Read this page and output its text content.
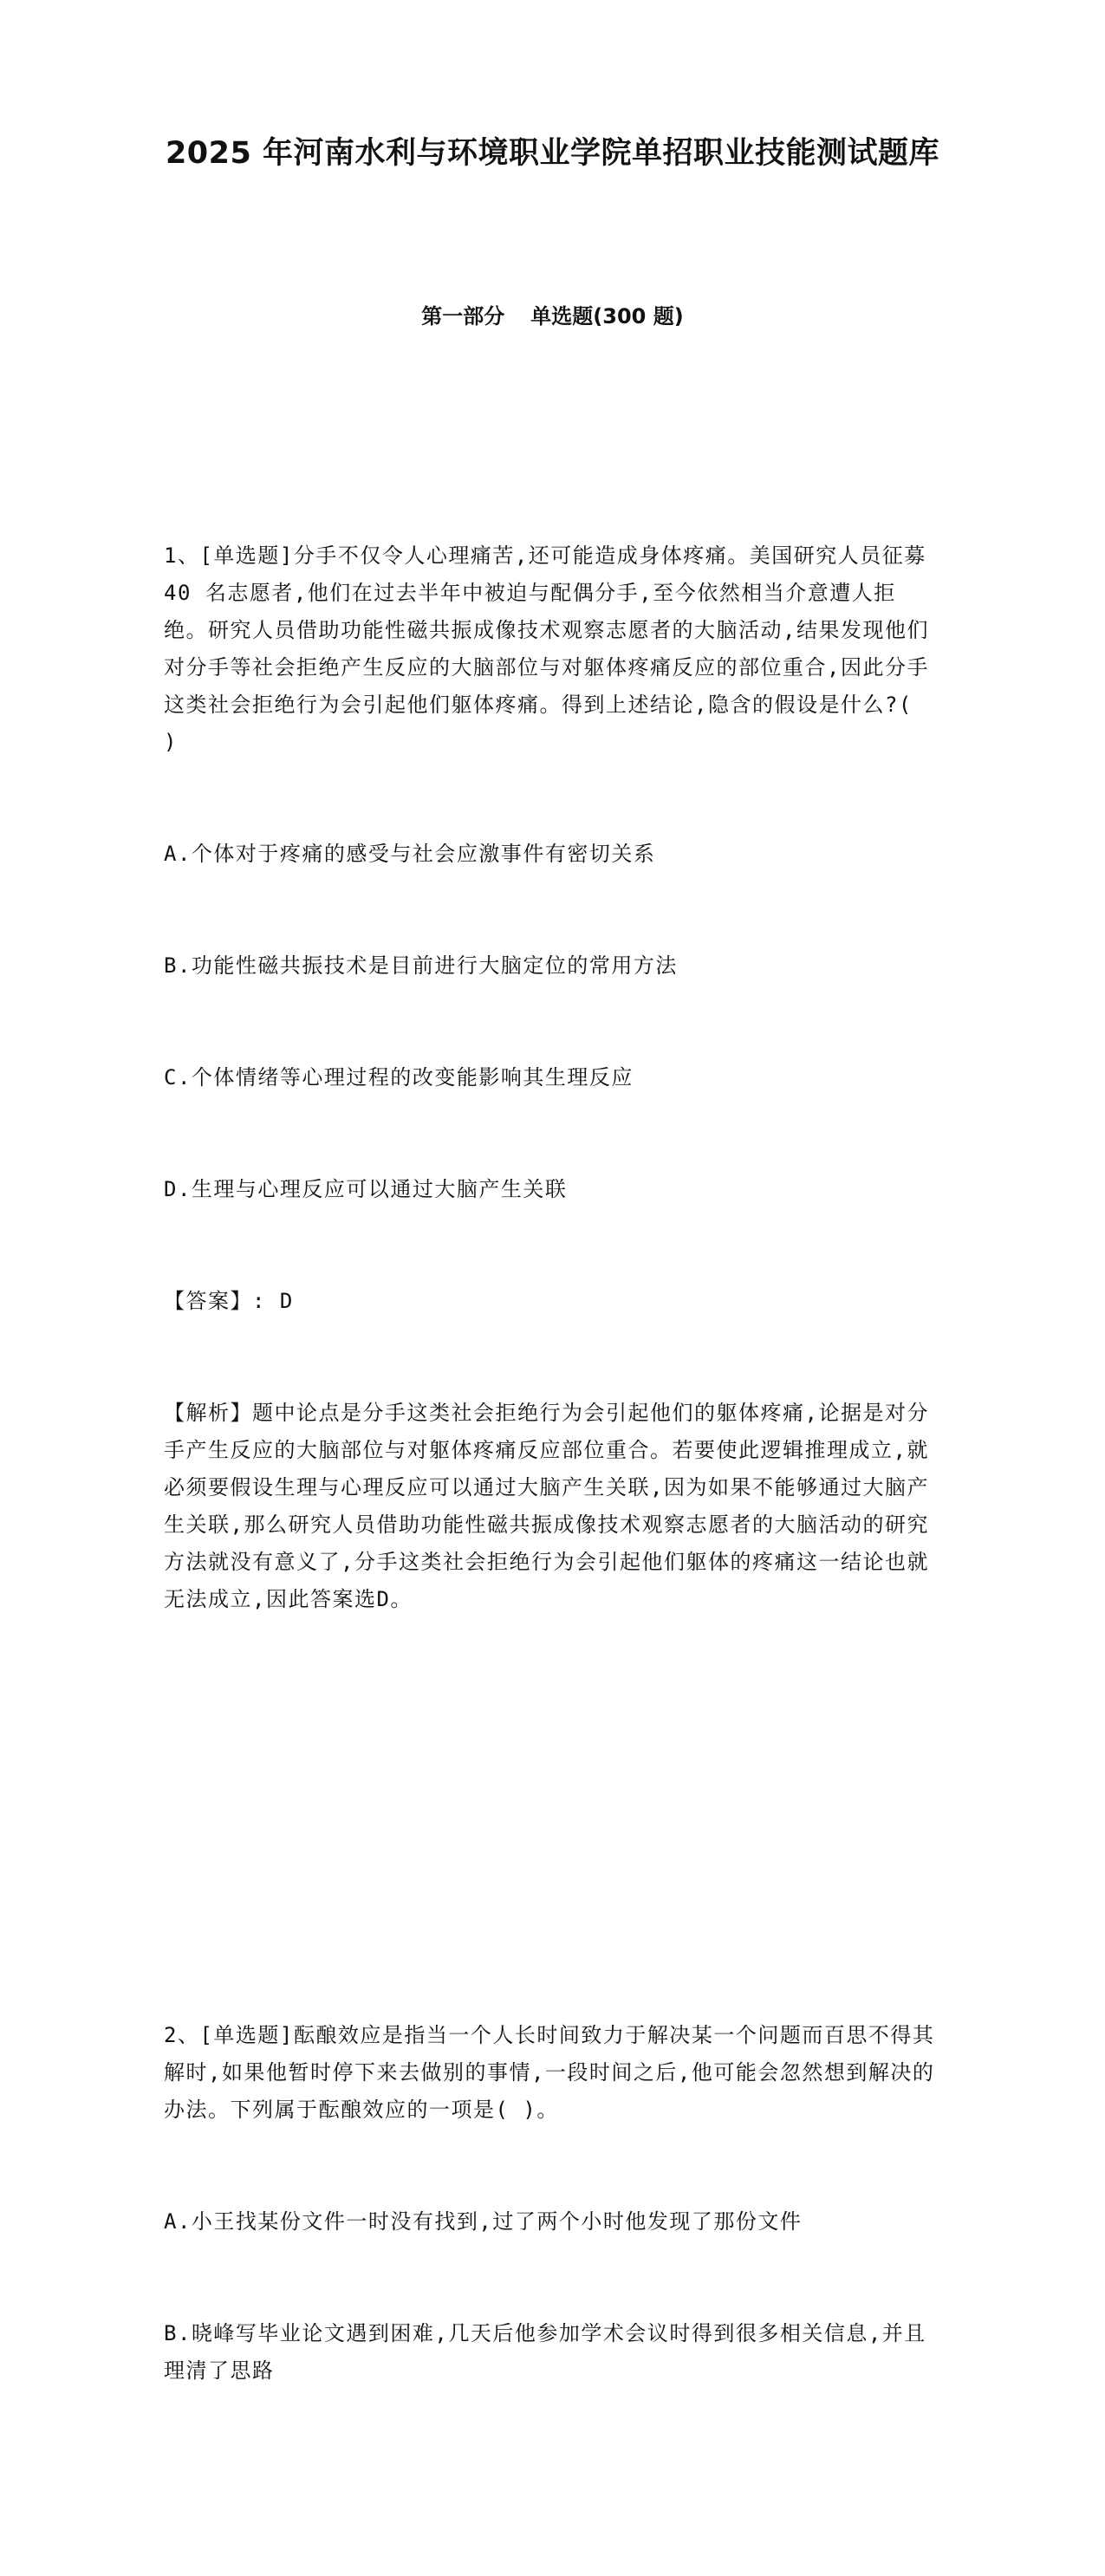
2025 年河南水利与环境职业学院单招职业技能测试题库
第一部分 单选题(300 题)

1、[单选题]分手不仅令人心理痛苦,还可能造成身体疼痛。美国研究人员征募 40 名志愿者,他们在过去半年中被迫与配偶分手,至今依然相当介意遭人拒绝。研究人员借助功能性磁共振成像技术观察志愿者的大脑活动,结果发现他们对分手等社会拒绝产生反应的大脑部位与对躯体疼痛反应的部位重合,因此分手这类社会拒绝行为会引起他们躯体疼痛。得到上述结论,隐含的假设是什么?( )

A.个体对于疼痛的感受与社会应激事件有密切关系

B.功能性磁共振技术是目前进行大脑定位的常用方法

C.个体情绪等心理过程的改变能影响其生理反应

D.生理与心理反应可以通过大脑产生关联

【答案】: D

【解析】题中论点是分手这类社会拒绝行为会引起他们的躯体疼痛,论据是对分手产生反应的大脑部位与对躯体疼痛反应部位重合。若要使此逻辑推理成立,就必须要假设生理与心理反应可以通过大脑产生关联,因为如果不能够通过大脑产生关联,那么研究人员借助功能性磁共振成像技术观察志愿者的大脑活动的研究方法就没有意义了,分手这类社会拒绝行为会引起他们躯体的疼痛这一结论也就无法成立,因此答案选D。

2、[单选题]酝酿效应是指当一个人长时间致力于解决某一个问题而百思不得其解时,如果他暂时停下来去做别的事情,一段时间之后,他可能会忽然想到解决的办法。下列属于酝酿效应的一项是( )。

A.小王找某份文件一时没有找到,过了两个小时他发现了那份文件

B.晓峰写毕业论文遇到困难,几天后他参加学术会议时得到很多相关信息,并且理清了思路
